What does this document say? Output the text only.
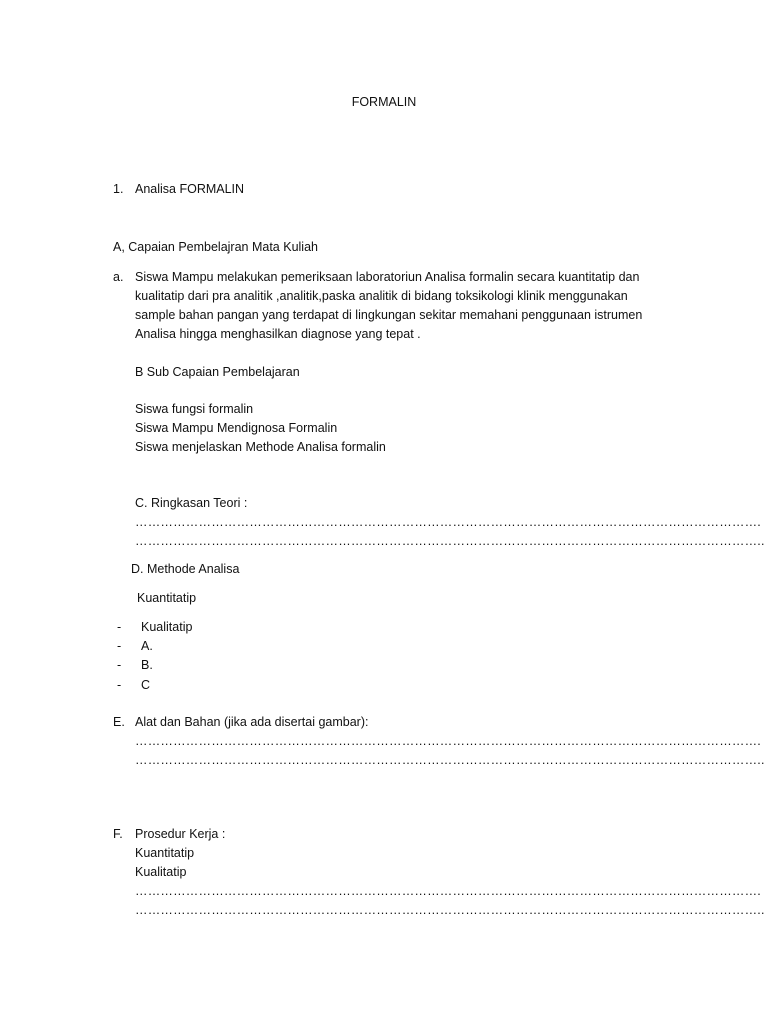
FORMALIN
1. Analisa FORMALIN
A, Capaian Pembelajran Mata Kuliah
a. Siswa Mampu melakukan pemeriksaan laboratoriun Analisa formalin secara kuantitatip dan

kualitatip dari pra analitik ,analitik,paska analitik di bidang toksikologi klinik menggunakan

sample bahan pangan yang terdapat di lingkungan sekitar memahani penggunaan istrumen

Analisa hingga menghasilkan diagnose yang tepat .

B Sub Capaian Pembelajaran

Siswa fungsi formalin

Siswa Mampu Mendignosa Formalin

Siswa menjelaskan Methode Analisa formalin

C. Ringkasan Teori :
………………………………………………………………………………………………………………………………….
…………………………………………………………………………………………………………………………………..
D. Methode Analisa
Kuantitatip
- Kualitatip
- A.
- B.
- C
E. Alat dan Bahan (jika ada disertai gambar):
………………………………………………………………………………………………………………………………….
…………………………………………………………………………………………………………………………………..
F. Prosedur Kerja :
Kuantitatip
Kualitatip
………………………………………………………………………………………………………………………………….
…………………………………………………………………………………………………………………………………..
